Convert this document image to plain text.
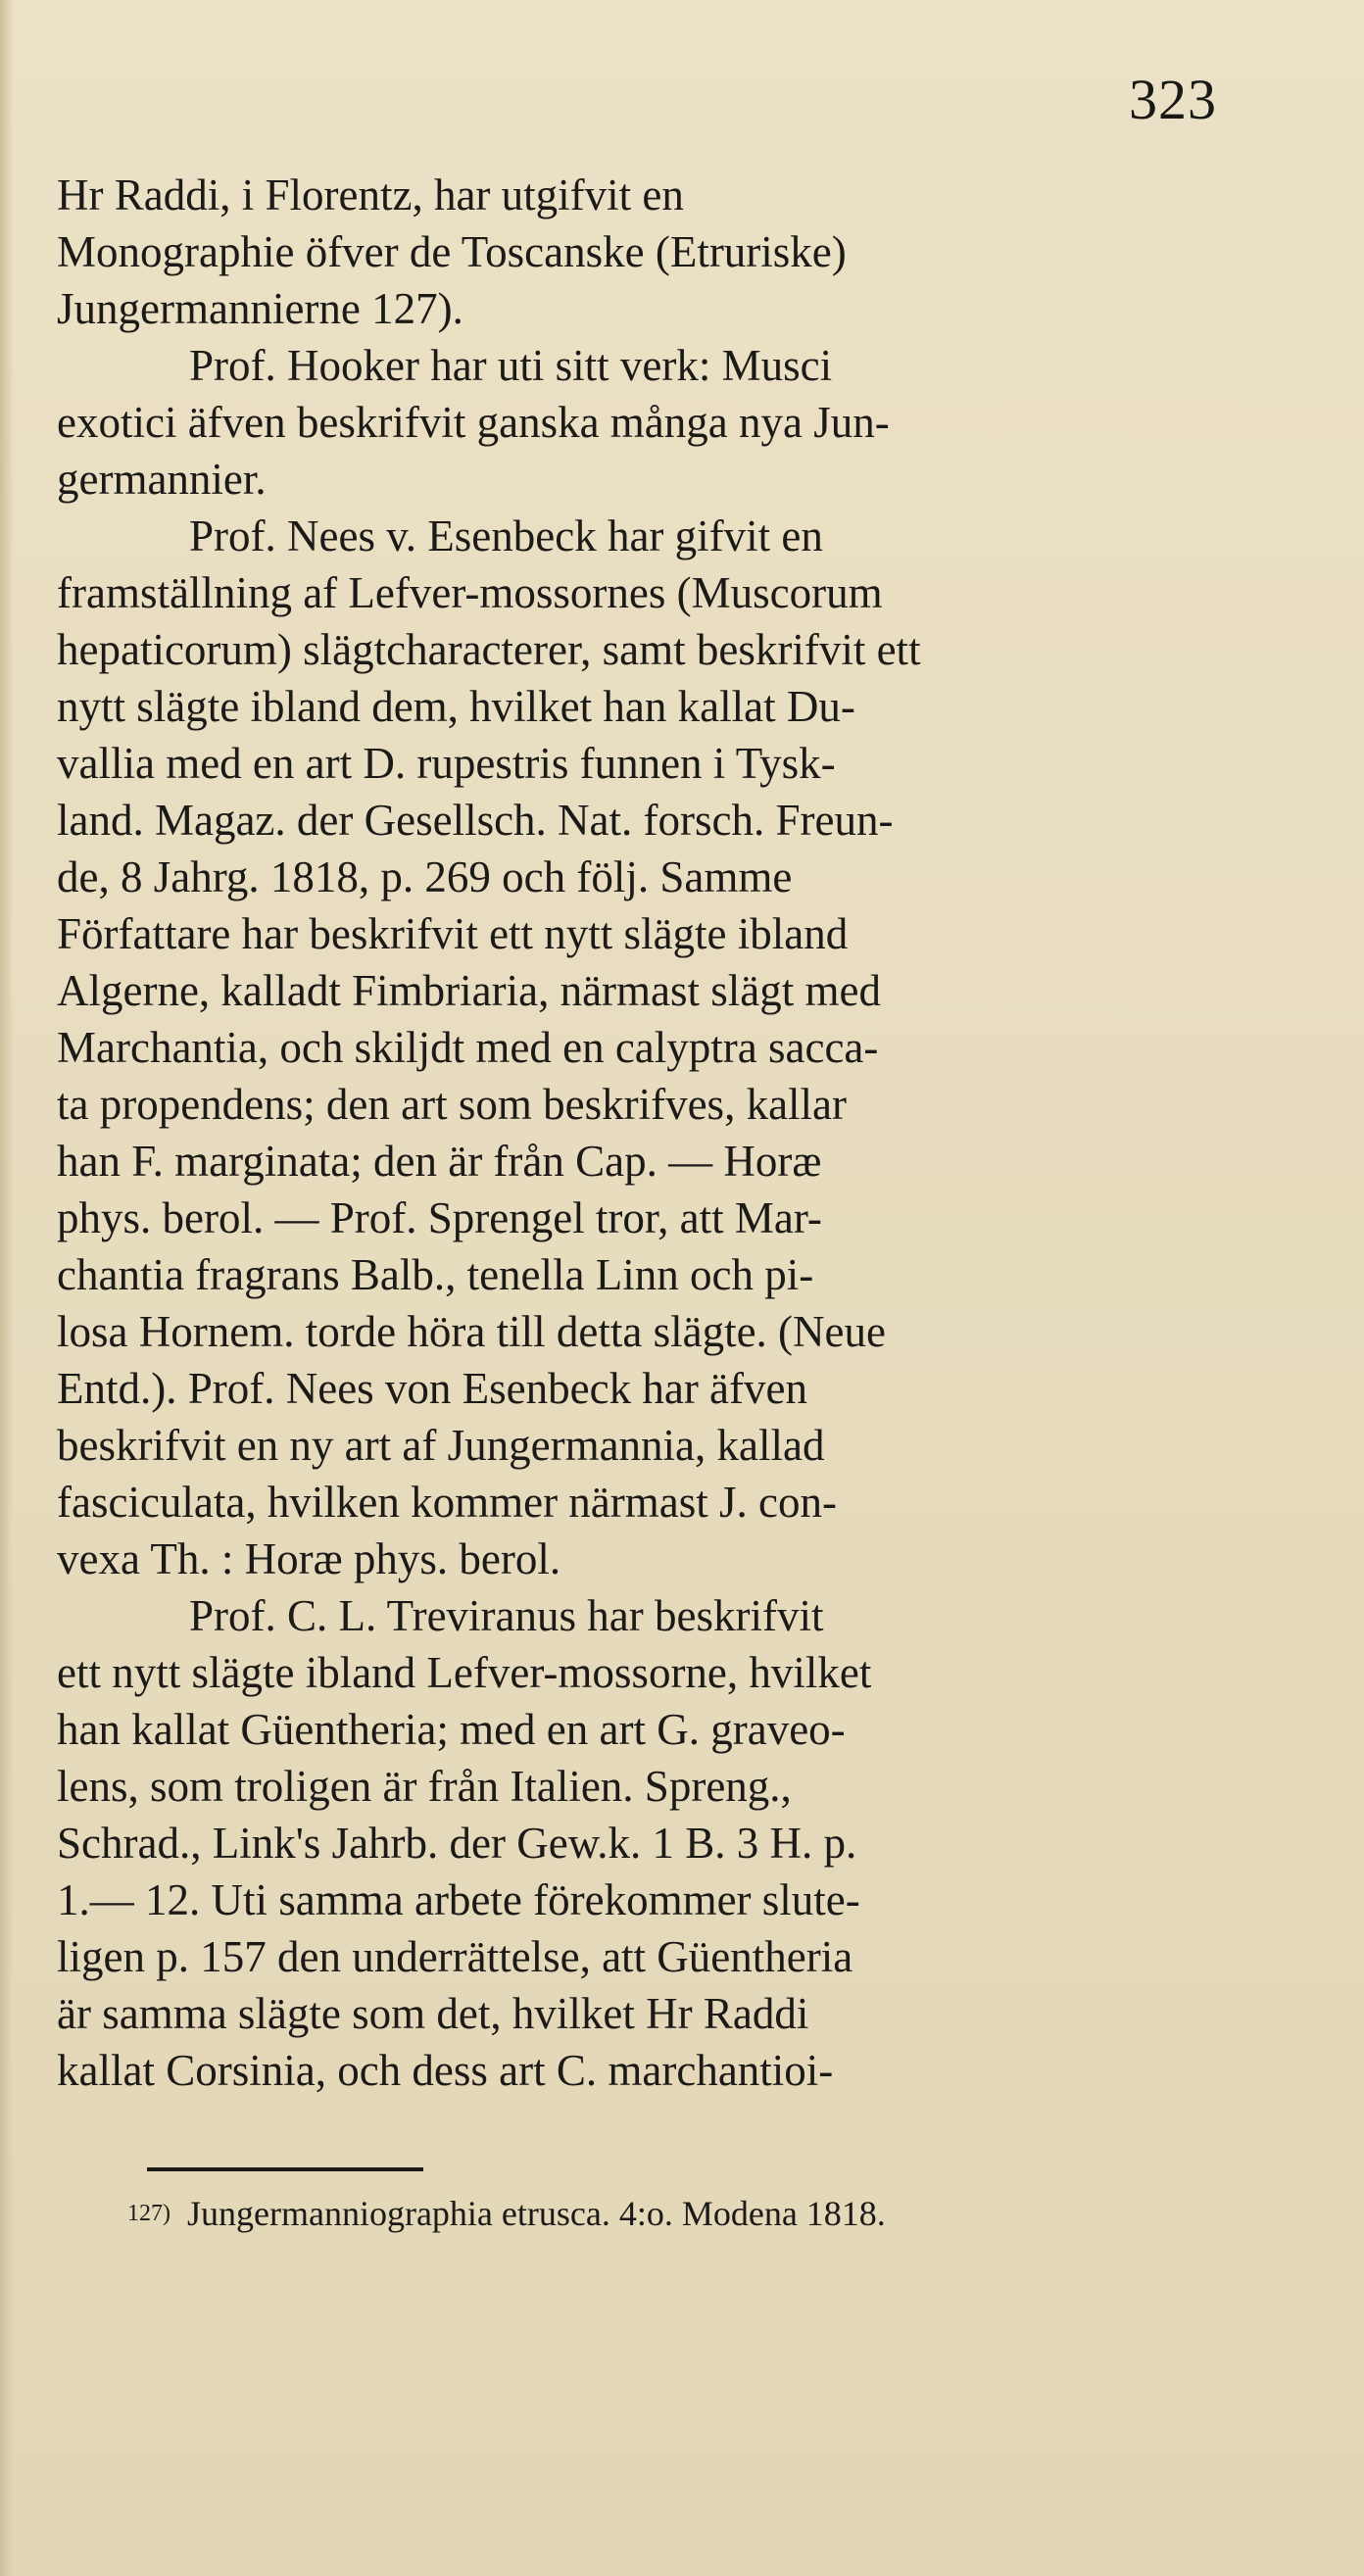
323
Hr Raddi, i Florentz, har utgifvit en
Monographie öfver de Toscanske (Etruriske)
Jungermannierne 127).
Prof. Hooker har uti sitt verk: Musci
exotici äfven beskrifvit ganska många nya Jun-
germannier.
Prof. Nees v. Esenbeck har gifvit en
framställning af Lefver-mossornes (Muscorum
hepaticorum) slägtcharacterer, samt beskrifvit ett
nytt slägte ibland dem, hvilket han kallat Du-
vallia med en art D. rupestris funnen i Tysk-
land. Magaz. der Gesellsch. Nat. forsch. Freun-
de, 8 Jahrg. 1818, p. 269 och följ. Samme
Författare har beskrifvit ett nytt slägte ibland
Algerne, kalladt Fimbriaria, närmast slägt med
Marchantia, och skiljdt med en calyptra sacca-
ta propendens; den art som beskrifves, kallar
han F. marginata; den är från Cap. — Horæ
phys. berol. — Prof. Sprengel tror, att Mar-
chantia fragrans Balb., tenella Linn och pi-
losa Hornem. torde höra till detta slägte. (Neue
Entd.). Prof. Nees von Esenbeck har äfven
beskrifvit en ny art af Jungermannia, kallad
fasciculata, hvilken kommer närmast J. con-
vexa Th. : Horæ phys. berol.
Prof. C. L. Treviranus har beskrifvit
ett nytt slägte ibland Lefver-mossorne, hvilket
han kallat Güentheria; med en art G. graveo-
lens, som troligen är från Italien. Spreng.,
Schrad., Link's Jahrb. der Gew.k. 1 B. 3 H. p.
1.— 12. Uti samma arbete förekommer slute-
ligen p. 157 den underrättelse, att Güentheria
är samma slägte som det, hvilket Hr Raddi
kallat Corsinia, och dess art C. marchantioi-
127) Jungermanniographia etrusca. 4:o. Modena 1818.
